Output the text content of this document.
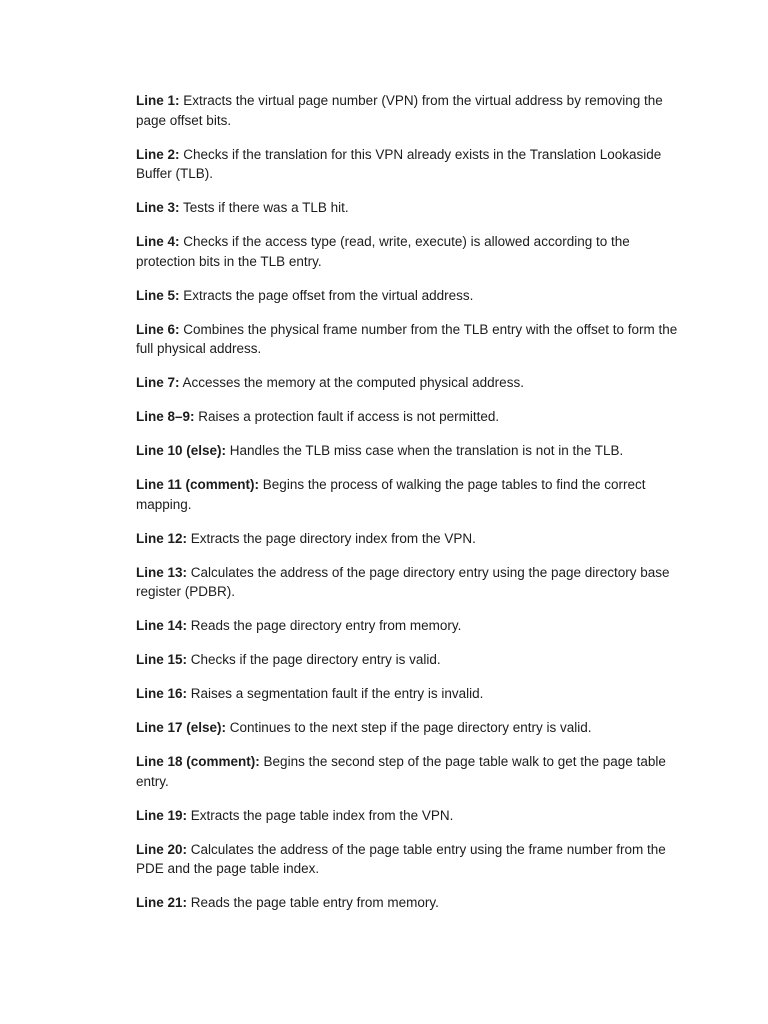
Line 1: Extracts the virtual page number (VPN) from the virtual address by removing the page offset bits.

Line 2: Checks if the translation for this VPN already exists in the Translation Lookaside Buffer (TLB).

Line 3: Tests if there was a TLB hit.

Line 4: Checks if the access type (read, write, execute) is allowed according to the protection bits in the TLB entry.

Line 5: Extracts the page offset from the virtual address.

Line 6: Combines the physical frame number from the TLB entry with the offset to form the full physical address.

Line 7: Accesses the memory at the computed physical address.

Line 8–9: Raises a protection fault if access is not permitted.

Line 10 (else): Handles the TLB miss case when the translation is not in the TLB.

Line 11 (comment): Begins the process of walking the page tables to find the correct mapping.

Line 12: Extracts the page directory index from the VPN.

Line 13: Calculates the address of the page directory entry using the page directory base register (PDBR).

Line 14: Reads the page directory entry from memory.

Line 15: Checks if the page directory entry is valid.

Line 16: Raises a segmentation fault if the entry is invalid.

Line 17 (else): Continues to the next step if the page directory entry is valid.

Line 18 (comment): Begins the second step of the page table walk to get the page table entry.

Line 19: Extracts the page table index from the VPN.

Line 20: Calculates the address of the page table entry using the frame number from the PDE and the page table index.

Line 21: Reads the page table entry from memory.
